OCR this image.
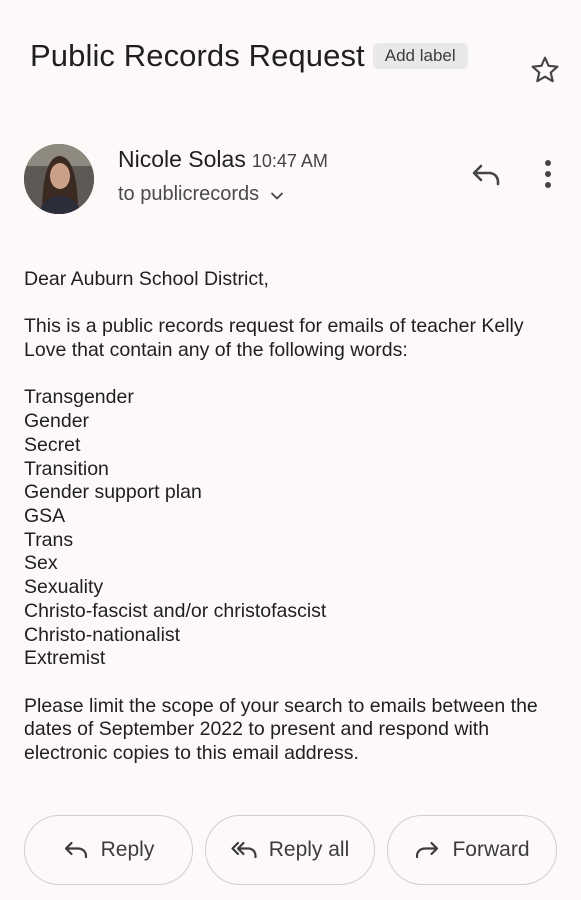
Public Records Request	Add label
Nicole Solas 10:47 AM
to publicrecords

Dear Auburn School District,

This is a public records request for emails of teacher Kelly Love that contain any of the following words:

Transgender

Gender

Secret

Transition

Gender support plan

GSA

Trans

Sex

Sexuality

Christo-fascist and/or christofascist

Christo-nationalist

Extremist

Please limit the scope of your search to emails between the dates of September 2022 to present and respond with electronic copies to this email address.

Reply	Reply all	Forward
